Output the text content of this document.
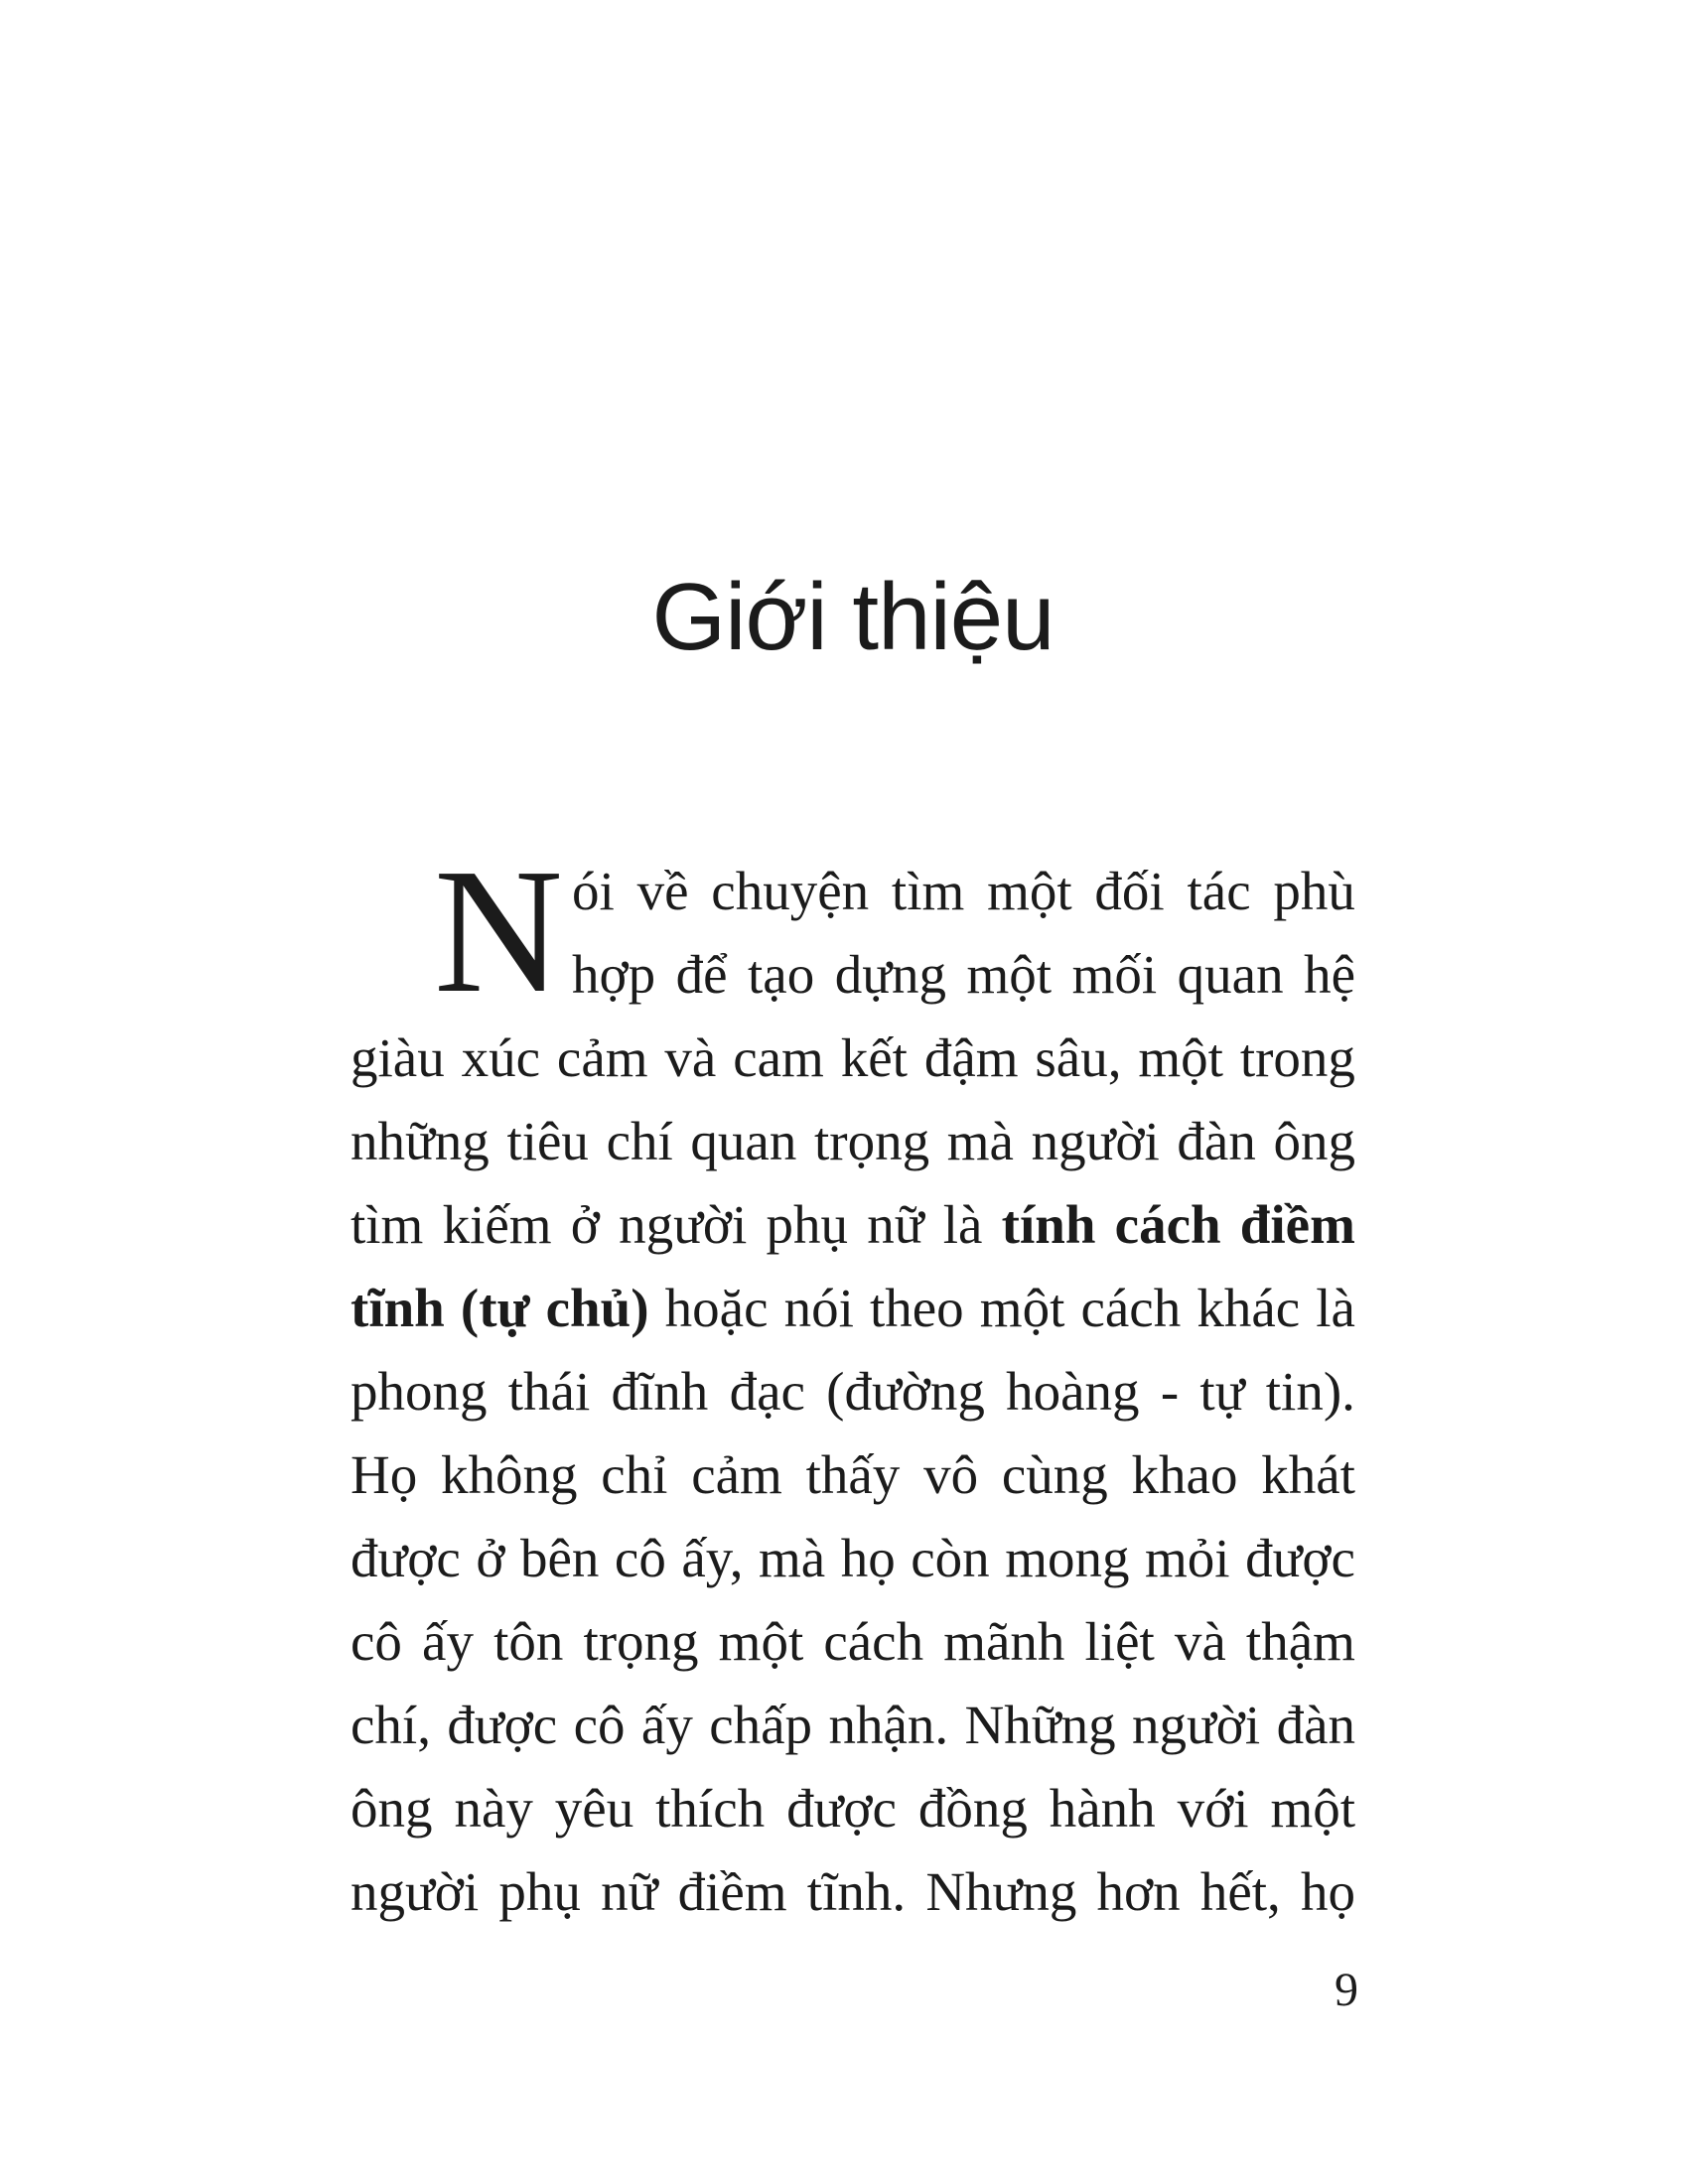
Giới thiệu
N ói về chuyện tìm một đối tác phù
hợp để tạo dựng một mối quan hệ
giàu xúc cảm và cam kết đậm sâu, một trong
những tiêu chí quan trọng mà người đàn ông
tìm kiếm ở người phụ nữ là tính cách điềm
tĩnh (tự chủ) hoặc nói theo một cách khác là
phong thái đĩnh đạc (đường hoàng - tự tin).
Họ không chỉ cảm thấy vô cùng khao khát
được ở bên cô ấy, mà họ còn mong mỏi được
cô ấy tôn trọng một cách mãnh liệt và thậm
chí, được cô ấy chấp nhận. Những người đàn
ông này yêu thích được đồng hành với một
người phụ nữ điềm tĩnh. Nhưng hơn hết, họ
9
